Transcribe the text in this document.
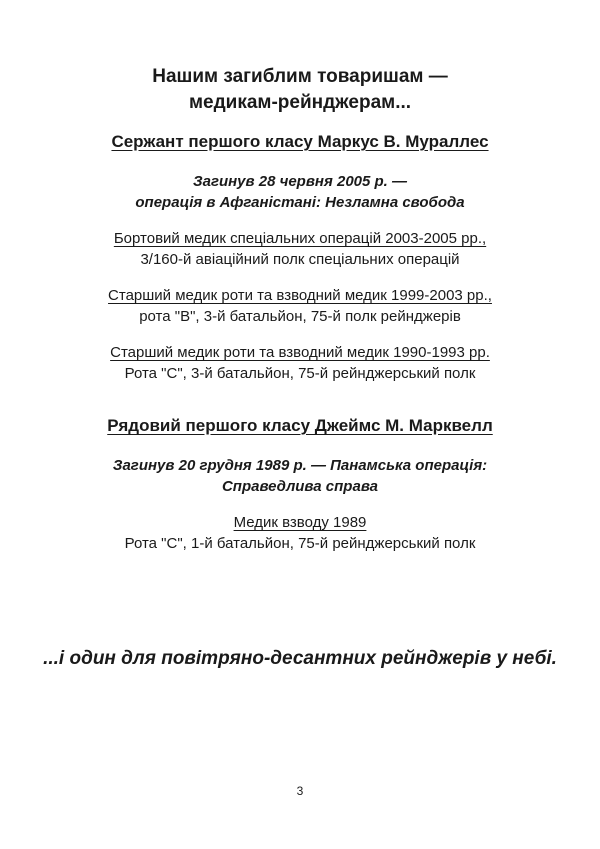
Нашим загиблим товаришам —
медикам-рейнджерам...
Сержант першого класу Маркус В. Мураллес
Загинув 28 червня 2005 р. —
операція в Афганістані: Незламна свобода
Бортовий медик спеціальних операцій 2003-2005 рр.,
3/160-й авіаційний полк спеціальних операцій
Старший медик роти та взводний медик 1999-2003 рр.,
рота "В", 3-й батальйон, 75-й полк рейнджерів
Старший медик роти та взводний медик 1990-1993 рр.
Рота "С", 3-й батальйон, 75-й рейнджерський полк
Рядовий першого класу Джеймс М. Марквелл
Загинув 20 грудня 1989 р. — Панамська операція:
Справедлива справа
Медик взводу 1989
Рота "С", 1-й батальйон, 75-й рейнджерський полк
...і один для повітряно-десантних рейнджерів у небі.
3
